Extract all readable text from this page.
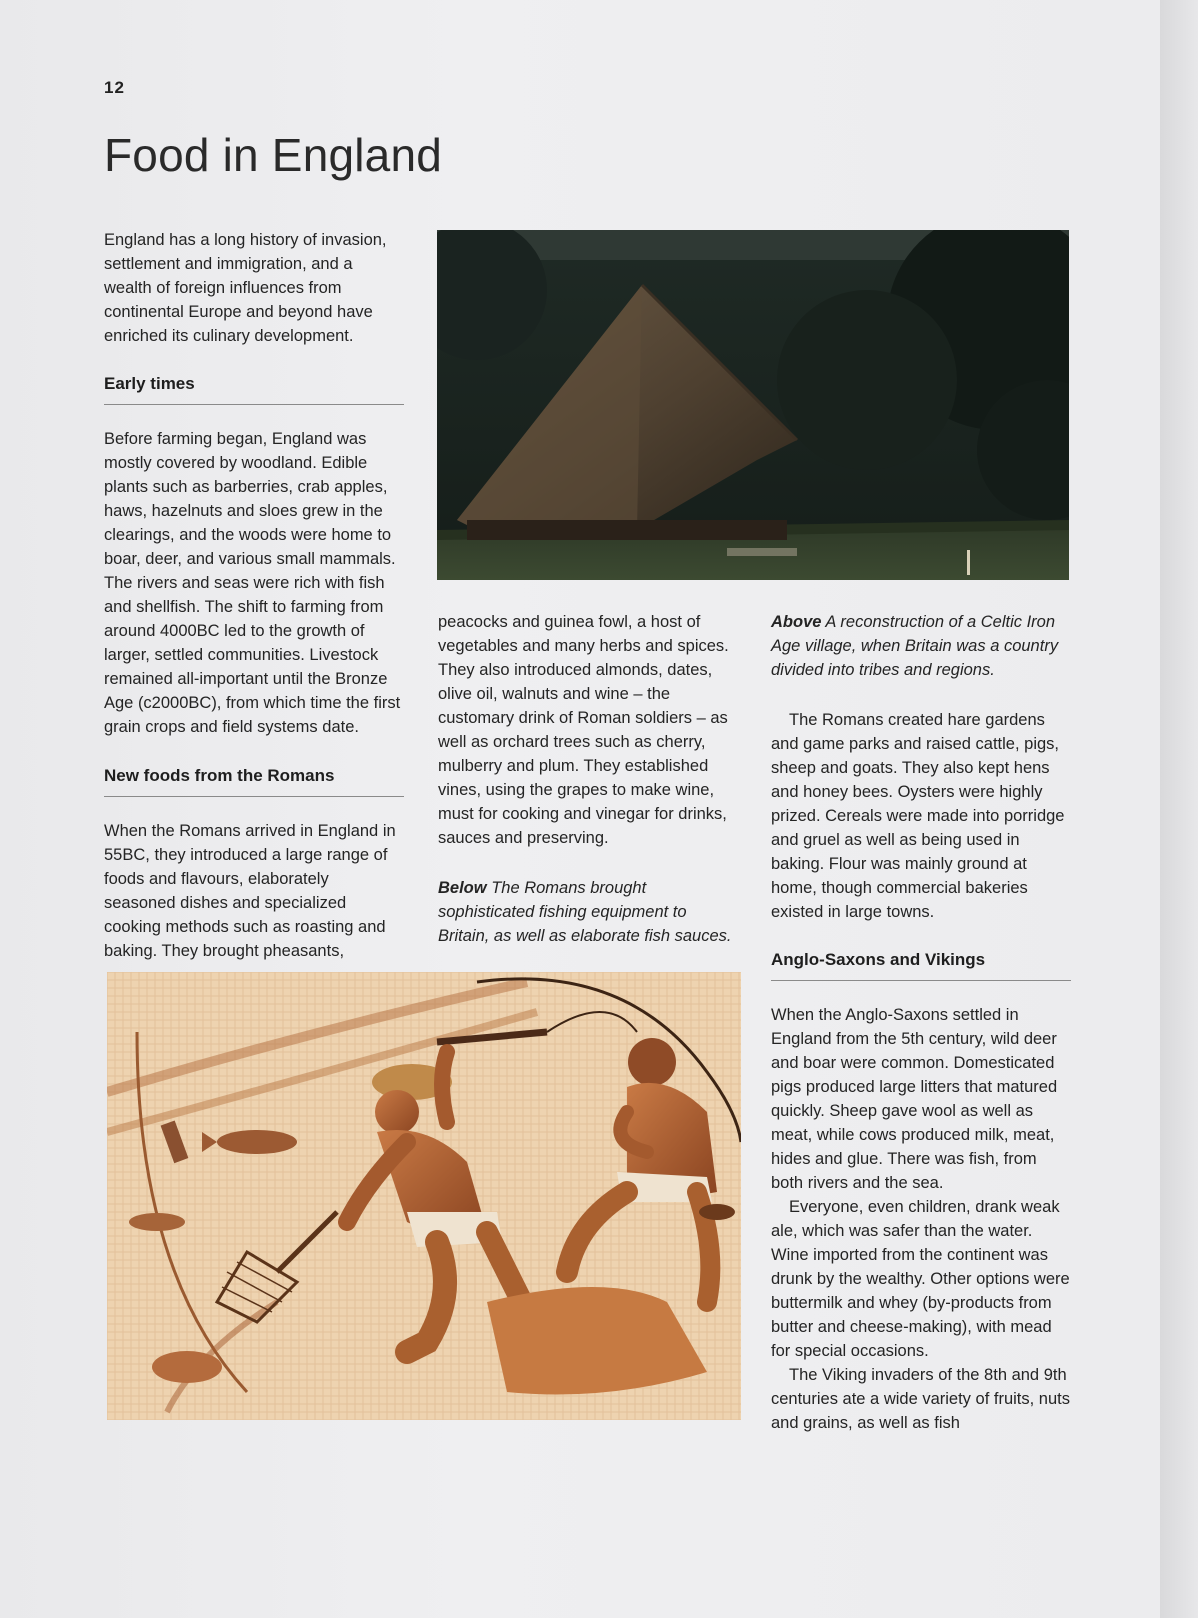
12
Food in England

England has a long history of invasion, settlement and immigration, and a wealth of foreign influences from continental Europe and beyond have enriched its culinary development.

Early times

Before farming began, England was mostly covered by woodland. Edible plants such as barberries, crab apples, haws, hazelnuts and sloes grew in the clearings, and the woods were home to boar, deer, and various small mammals. The rivers and seas were rich with fish and shellfish. The shift to farming from around 4000BC led to the growth of larger, settled communities. Livestock remained all-important until the Bronze Age (c2000BC), from which time the first grain crops and field systems date.

New foods from the Romans

When the Romans arrived in England in 55BC, they introduced a large range of foods and flavours, elaborately seasoned dishes and specialized cooking methods such as roasting and baking. They brought pheasants,

peacocks and guinea fowl, a host of vegetables and many herbs and spices. They also introduced almonds, dates, olive oil, walnuts and wine – the customary drink of Roman soldiers – as well as orchard trees such as cherry, mulberry and plum. They established vines, using the grapes to make wine, must for cooking and vinegar for drinks, sauces and preserving.

Below The Romans brought sophisticated fishing equipment to Britain, as well as elaborate fish sauces.

Above A reconstruction of a Celtic Iron Age village, when Britain was a country divided into tribes and regions.

The Romans created hare gardens and game parks and raised cattle, pigs, sheep and goats. They also kept hens and honey bees. Oysters were highly prized. Cereals were made into porridge and gruel as well as being used in baking. Flour was mainly ground at home, though commercial bakeries existed in large towns.

Anglo-Saxons and Vikings

When the Anglo-Saxons settled in England from the 5th century, wild deer and boar were common. Domesticated pigs produced large litters that matured quickly. Sheep gave wool as well as meat, while cows produced milk, meat, hides and glue. There was fish, from both rivers and the sea.

Everyone, even children, drank weak ale, which was safer than the water. Wine imported from the continent was drunk by the wealthy. Other options were buttermilk and whey (by-products from butter and cheese-making), with mead for special occasions.

The Viking invaders of the 8th and 9th centuries ate a wide variety of fruits, nuts and grains, as well as fish
